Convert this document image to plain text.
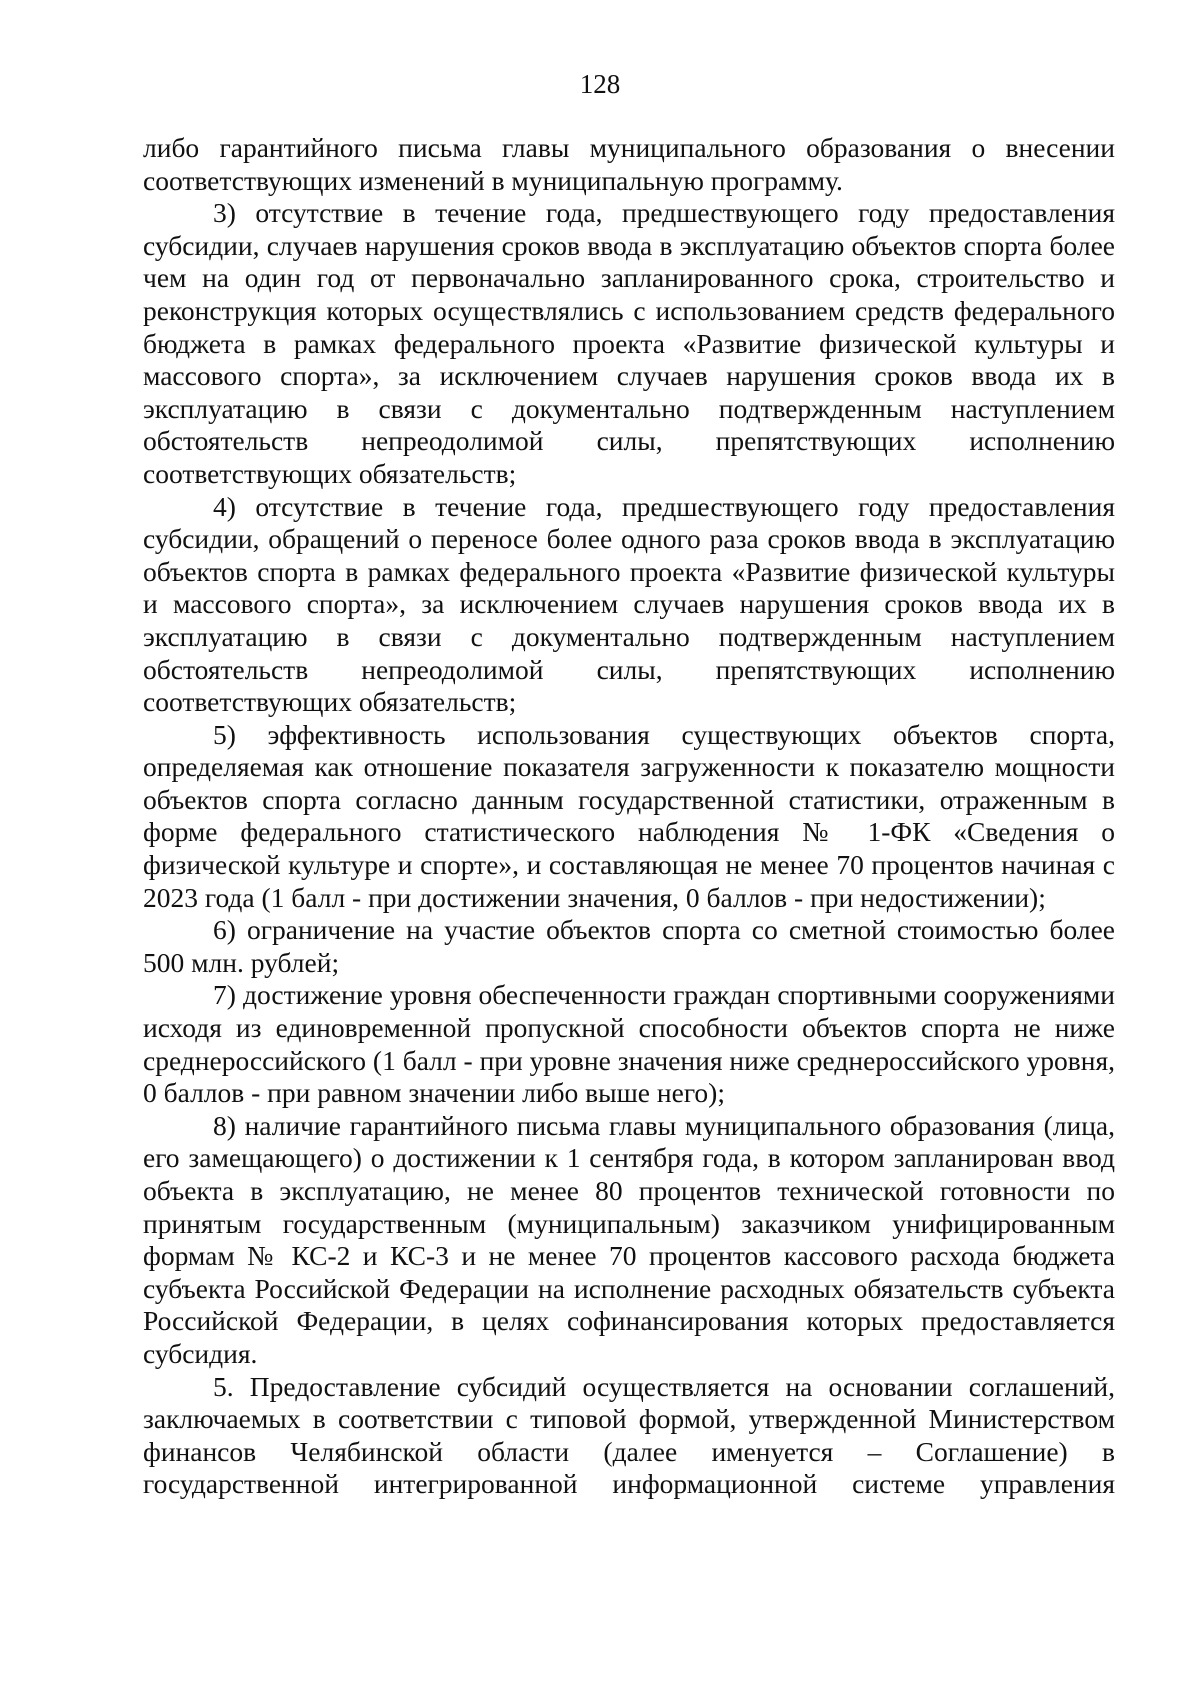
128

либо гарантийного письма главы муниципального образования о внесении соответствующих изменений в муниципальную программу.

3) отсутствие в течение года, предшествующего году предоставления субсидии, случаев нарушения сроков ввода в эксплуатацию объектов спорта более чем на один год от первоначально запланированного срока, строительство и реконструкция которых осуществлялись с использованием средств федерального бюджета в рамках федерального проекта «Развитие физической культуры и массового спорта», за исключением случаев нарушения сроков ввода их в эксплуатацию в связи с документально подтвержденным наступлением обстоятельств непреодолимой силы, препятствующих исполнению соответствующих обязательств;

4) отсутствие в течение года, предшествующего году предоставления субсидии, обращений о переносе более одного раза сроков ввода в эксплуатацию объектов спорта в рамках федерального проекта «Развитие физической культуры и массового спорта», за исключением случаев нарушения сроков ввода их в эксплуатацию в связи с документально подтвержденным наступлением обстоятельств непреодолимой силы, препятствующих исполнению соответствующих обязательств;

5) эффективность использования существующих объектов спорта, определяемая как отношение показателя загруженности к показателю мощности объектов спорта согласно данным государственной статистики, отраженным в форме федерального статистического наблюдения № 1-ФК «Сведения о физической культуре и спорте», и составляющая не менее 70 процентов начиная с 2023 года (1 балл - при достижении значения, 0 баллов - при недостижении);

6) ограничение на участие объектов спорта со сметной стоимостью более 500 млн. рублей;

7) достижение уровня обеспеченности граждан спортивными сооружениями исходя из единовременной пропускной способности объектов спорта не ниже среднероссийского (1 балл - при уровне значения ниже среднероссийского уровня, 0 баллов - при равном значении либо выше него);

8) наличие гарантийного письма главы муниципального образования (лица, его замещающего) о достижении к 1 сентября года, в котором запланирован ввод объекта в эксплуатацию, не менее 80 процентов технической готовности по принятым государственным (муниципальным) заказчиком унифицированным формам № КС-2 и КС-3 и не менее 70 процентов кассового расхода бюджета субъекта Российской Федерации на исполнение расходных обязательств субъекта Российской Федерации, в целях софинансирования которых предоставляется субсидия.

5. Предоставление субсидий осуществляется на основании соглашений, заключаемых в соответствии с типовой формой, утвержденной Министерством финансов Челябинской области (далее именуется – Соглашение) в государственной интегрированной информационной системе управления
